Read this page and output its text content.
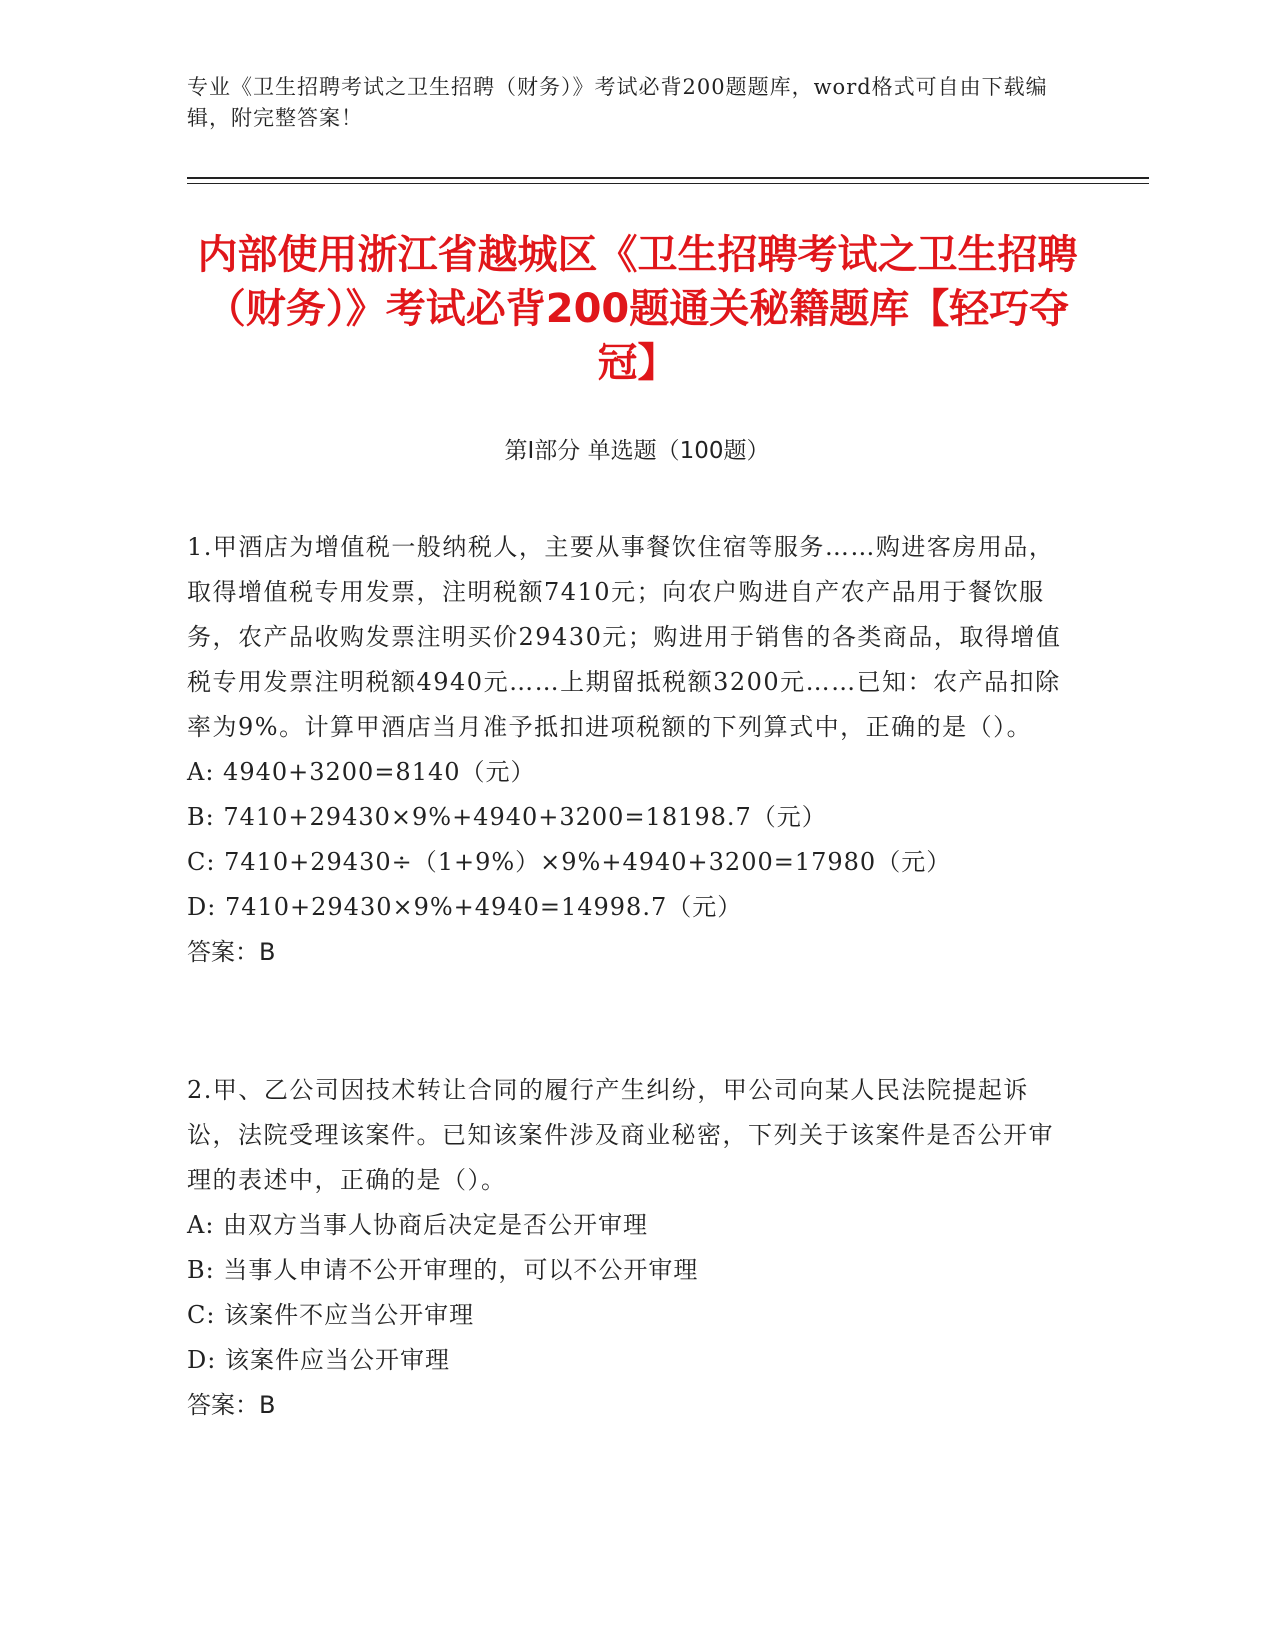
专业《卫生招聘考试之卫生招聘（财务）》考试必背200题题库，word格式可自由下载编辑，附完整答案！
内部使用浙江省越城区《卫生招聘考试之卫生招聘（财务）》考试必背200题通关秘籍题库【轻巧夺冠】
第I部分 单选题（100题）

1.甲酒店为增值税一般纳税人，主要从事餐饮住宿等服务……购进客房用品，取得增值税专用发票，注明税额7410元；向农户购进自产农产品用于餐饮服务，农产品收购发票注明买价29430元；购进用于销售的各类商品，取得增值税专用发票注明税额4940元……上期留抵税额3200元……已知：农产品扣除率为9%。计算甲酒店当月准予抵扣进项税额的下列算式中，正确的是（）。

A: 4940+3200=8140（元）

B: 7410+29430×9%+4940+3200=18198.7（元）

C: 7410+29430÷（1+9%）×9%+4940+3200=17980（元）

D: 7410+29430×9%+4940=14998.7（元）

答案：B

2.甲、乙公司因技术转让合同的履行产生纠纷，甲公司向某人民法院提起诉讼，法院受理该案件。已知该案件涉及商业秘密，下列关于该案件是否公开审理的表述中，正确的是（）。

A: 由双方当事人协商后决定是否公开审理

B: 当事人申请不公开审理的，可以不公开审理

C: 该案件不应当公开审理

D: 该案件应当公开审理

答案：B
